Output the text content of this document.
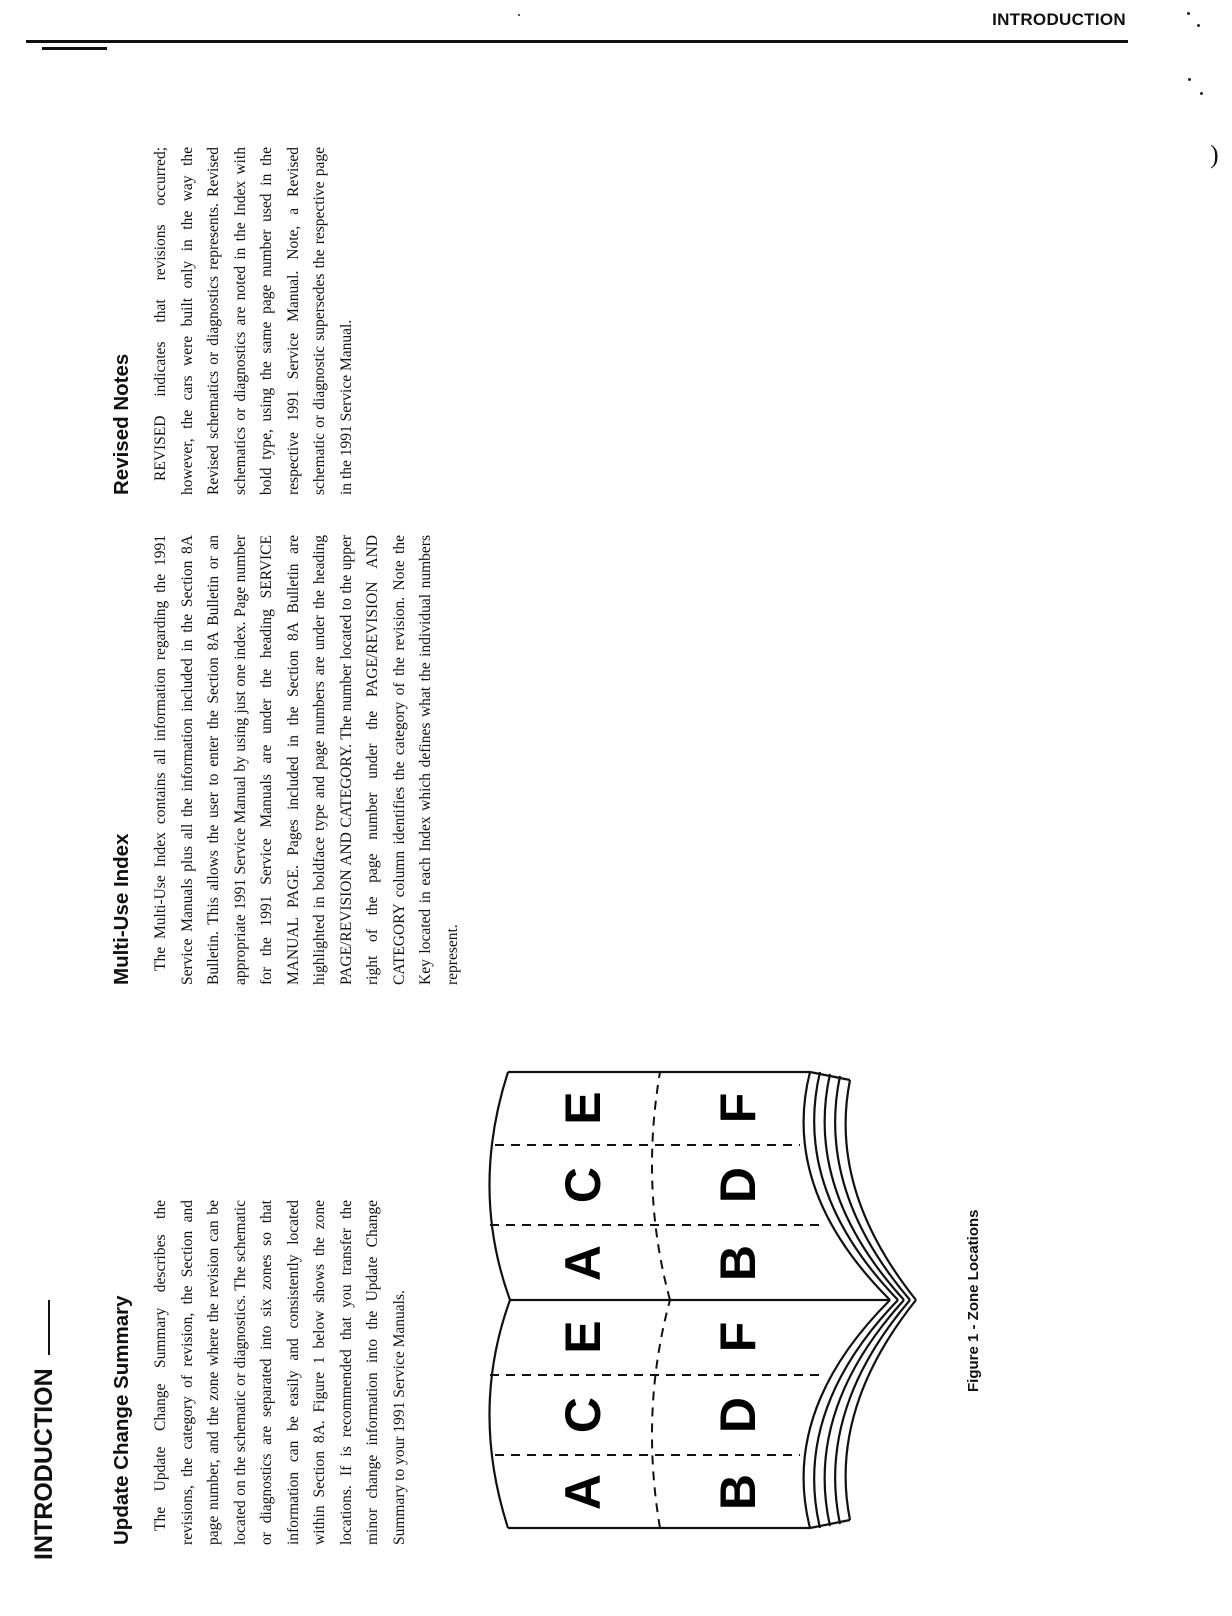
INTRODUCTION
)
INTRODUCTION	Update Change Summary The Update Change Summary describes the revisions, the category of revision, the Section and page number, and the zone where the revision can be located on the schematic or diagnostics. The schematic or diagnostics are separated into six zones so that information can be easily and consistently located within Section 8A. Figure 1 below shows the zone locations. If is recommended that you transfer the minor change information into the Update Change Summary to your 1991 Service Manuals.	A B
C D
E F
A B
C D
E F
Figure 1 - Zone Locations
Multi-Use Index The Multi-Use Index contains all information regarding the 1991 Service Manuals plus all the information included in the Section 8A Bulletin. This allows the user to enter the Section 8A Bulletin or an appropriate 1991 Service Manual by using just one index. Page number for the 1991 Service Manuals are under the heading SERVICE MANUAL PAGE. Pages included in the Section 8A Bulletin are highlighted in boldface type and page numbers are under the heading PAGE/REVISION AND CATEGORY. The number located to the upper right of the page number under the PAGE/REVISION AND CATEGORY column identifies the category of the revision. Note the Key located in each Index which defines what the individual numbers represent.

Revised Notes REVISED indicates that revisions occurred; however, the cars were built only in the way the Revised schematics or diagnostics represents. Revised schematics or diagnostics are noted in the Index with bold type, using the same page number used in the respective 1991 Service Manual. Note, a Revised schematic or diagnostic supersedes the respective page in the 1991 Service Manual.
